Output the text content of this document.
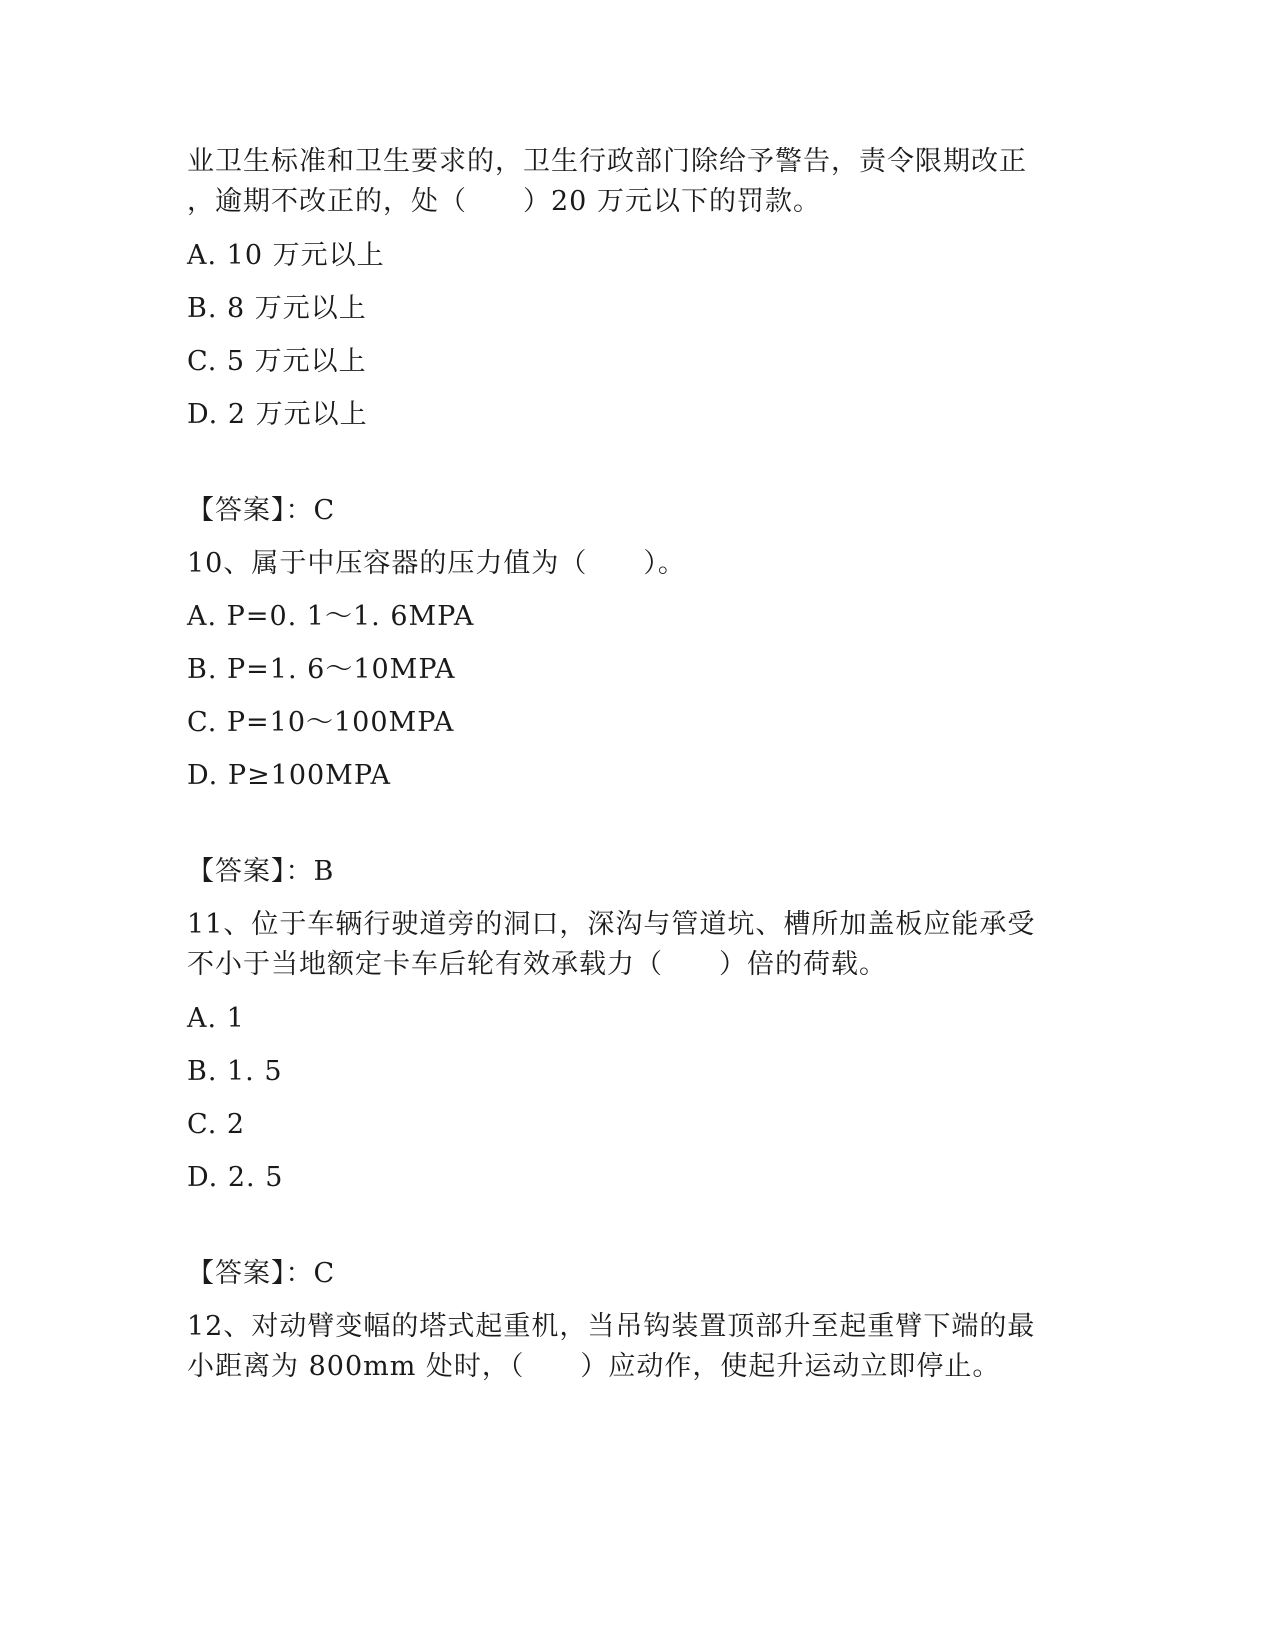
业卫生标准和卫生要求的，卫生行政部门除给予警告，责令限期改正
，逾期不改正的，处（　　）20 万元以下的罚款。
A. 10 万元以上
B. 8 万元以上
C. 5 万元以上
D. 2 万元以上
【答案】：C
10、属于中压容器的压力值为（　　）。
A. P=0. 1～1. 6MPA
B. P=1. 6～10MPA
C. P=10～100MPA
D. P≥100MPA
【答案】：B
11、位于车辆行驶道旁的洞口，深沟与管道坑、槽所加盖板应能承受
不小于当地额定卡车后轮有效承载力（　　）倍的荷载。
A. 1
B. 1. 5
C. 2
D. 2. 5
【答案】：C
12、对动臂变幅的塔式起重机，当吊钩装置顶部升至起重臂下端的最
小距离为 800mm 处时，（　　）应动作，使起升运动立即停止。
